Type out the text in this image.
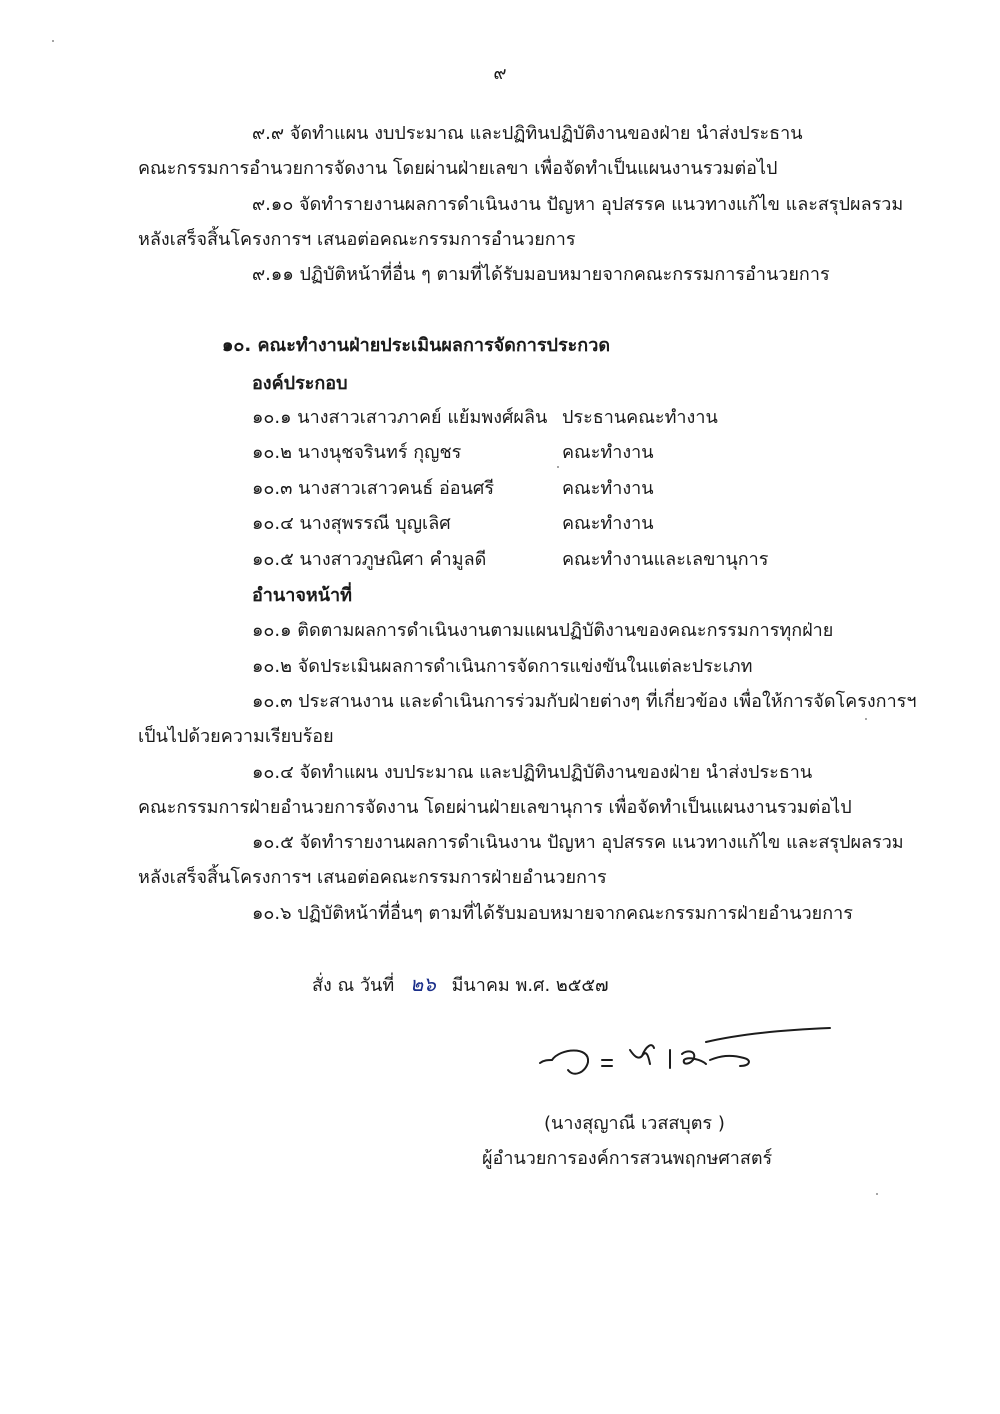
๙
๙.๙ จัดทำแผน งบประมาณ และปฏิทินปฏิบัติงานของฝ่าย นำส่งประธาน
คณะกรรมการอำนวยการจัดงาน โดยผ่านฝ่ายเลขา เพื่อจัดทำเป็นแผนงานรวมต่อไป
๙.๑๐ จัดทำรายงานผลการดำเนินงาน ปัญหา อุปสรรค แนวทางแก้ไข และสรุปผลรวม
หลังเสร็จสิ้นโครงการฯ เสนอต่อคณะกรรมการอำนวยการ
๙.๑๑ ปฏิบัติหน้าที่อื่น ๆ ตามที่ได้รับมอบหมายจากคณะกรรมการอำนวยการ
๑๐. คณะทำงานฝ่ายประเมินผลการจัดการประกวด
องค์ประกอบ
๑๐.๑ นางสาวเสาวภาคย์ แย้มพงศ์ผลิน ประธานคณะทำงาน
๑๐.๒ นางนุชจรินทร์ กุญชร	คณะทำงาน
๑๐.๓ นางสาวเสาวคนธ์ อ่อนศรี	คณะทำงาน
๑๐.๔ นางสุพรรณี บุญเลิศ	คณะทำงาน
๑๐.๕ นางสาวภูษณิศา คำมูลดี	คณะทำงานและเลขานุการ
อำนาจหน้าที่
๑๐.๑ ติดตามผลการดำเนินงานตามแผนปฏิบัติงานของคณะกรรมการทุกฝ่าย
๑๐.๒ จัดประเมินผลการดำเนินการจัดการแข่งขันในแต่ละประเภท
๑๐.๓ ประสานงาน และดำเนินการร่วมกับฝ่ายต่างๆ ที่เกี่ยวข้อง เพื่อให้การจัดโครงการฯ
เป็นไปด้วยความเรียบร้อย
๑๐.๔ จัดทำแผน งบประมาณ และปฏิทินปฏิบัติงานของฝ่าย นำส่งประธาน
คณะกรรมการฝ่ายอำนวยการจัดงาน โดยผ่านฝ่ายเลขานุการ เพื่อจัดทำเป็นแผนงานรวมต่อไป
๑๐.๕ จัดทำรายงานผลการดำเนินงาน ปัญหา อุปสรรค แนวทางแก้ไข และสรุปผลรวม
หลังเสร็จสิ้นโครงการฯ เสนอต่อคณะกรรมการฝ่ายอำนวยการ
๑๐.๖ ปฏิบัติหน้าที่อื่นๆ ตามที่ได้รับมอบหมายจากคณะกรรมการฝ่ายอำนวยการ
สั่ง ณ วันที่ ๒๖ มีนาคม พ.ศ. ๒๕๕๗
(นางสุญาณี เวสสบุตร )
ผู้อำนวยการองค์การสวนพฤกษศาสตร์
